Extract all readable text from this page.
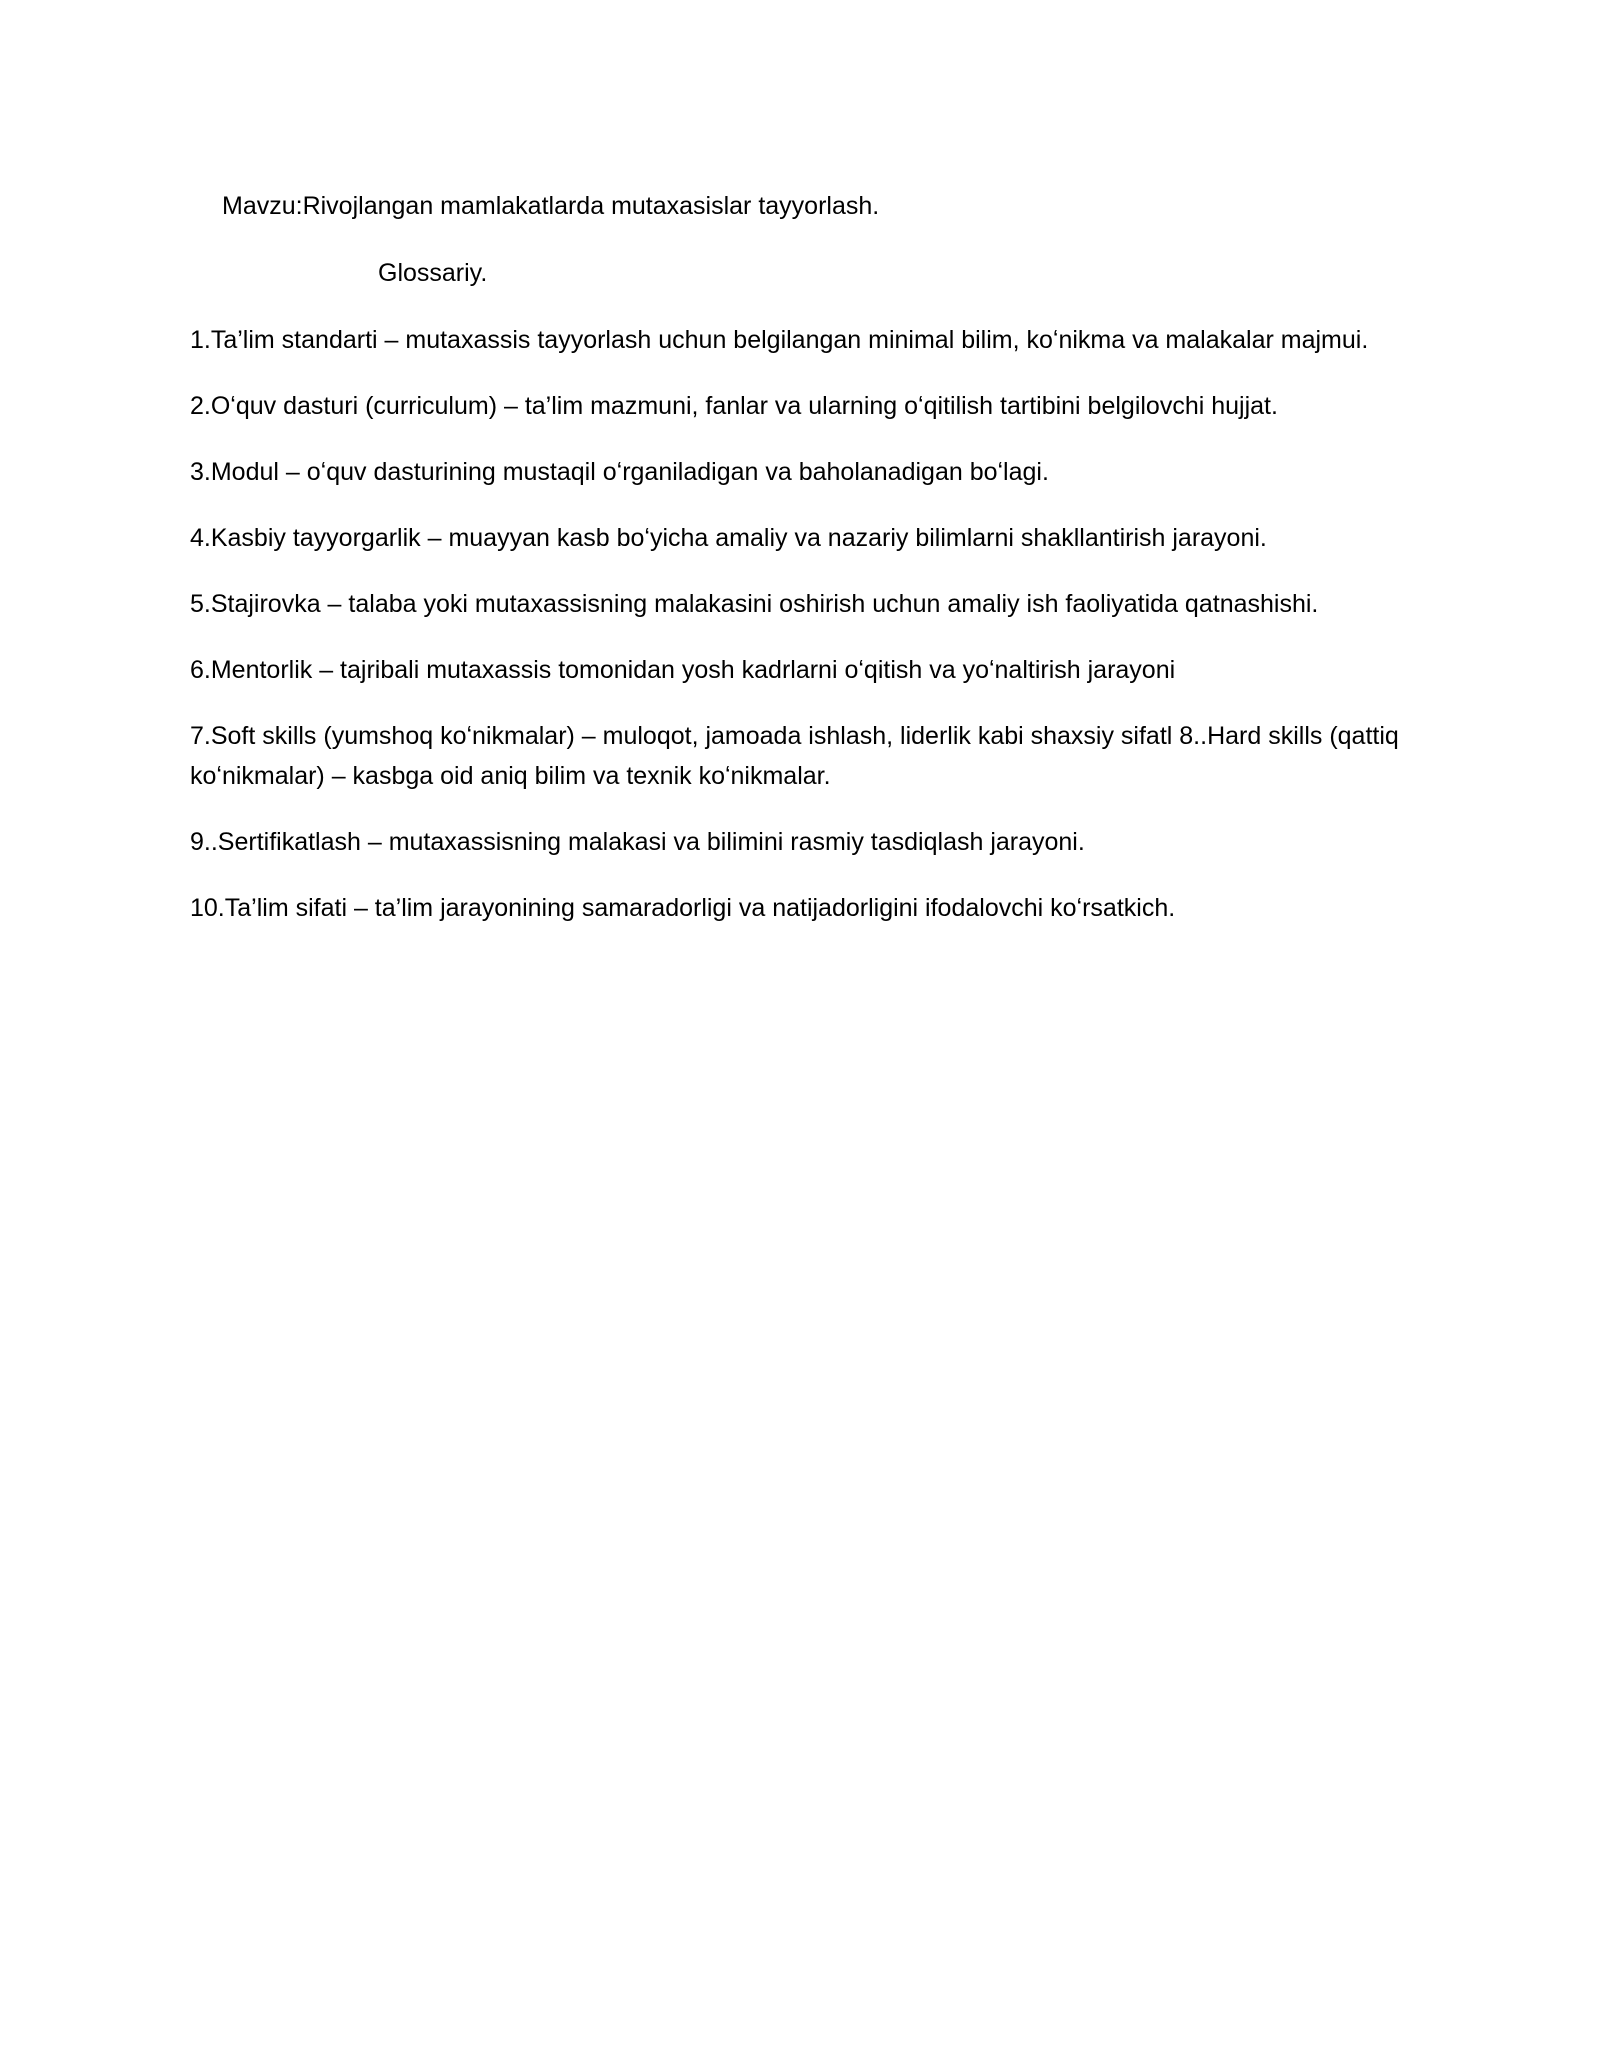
Mavzu:Rivojlangan mamlakatlarda mutaxasislar tayyorlash.

Glossariy.

1.Ta’lim standarti – mutaxassis tayyorlash uchun belgilangan minimal bilim, koʻnikma va malakalar majmui.

2.Oʻquv dasturi (curriculum) – ta’lim mazmuni, fanlar va ularning oʻqitilish tartibini belgilovchi hujjat.

3.Modul – oʻquv dasturining mustaqil oʻrganiladigan va baholanadigan boʻlagi.

4.Kasbiy tayyorgarlik – muayyan kasb boʻyicha amaliy va nazariy bilimlarni shakllantirish jarayoni.

5.Stajirovka – talaba yoki mutaxassisning malakasini oshirish uchun amaliy ish faoliyatida qatnashishi.

6.Mentorlik – tajribali mutaxassis tomonidan yosh kadrlarni oʻqitish va yoʻnaltirish jarayoni

7.Soft skills (yumshoq koʻnikmalar) – muloqot, jamoada ishlash, liderlik kabi shaxsiy sifatl 8..Hard skills (qattiq koʻnikmalar) – kasbga oid aniq bilim va texnik koʻnikmalar.

9..Sertifikatlash – mutaxassisning malakasi va bilimini rasmiy tasdiqlash jarayoni.

10.Ta’lim sifati – ta’lim jarayonining samaradorligi va natijadorligini ifodalovchi koʻrsatkich.
